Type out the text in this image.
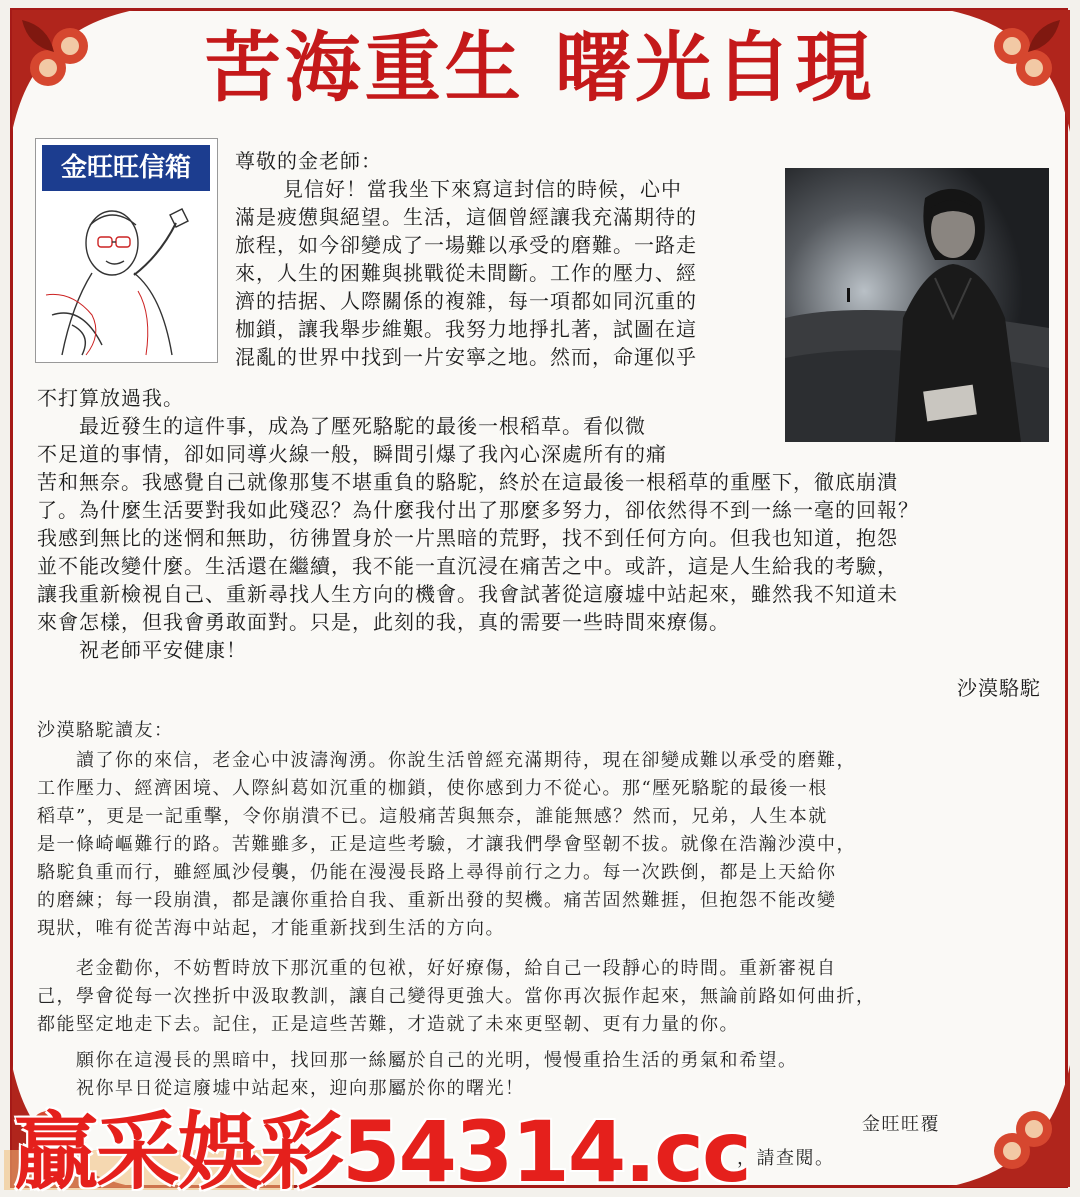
苦海重生 曙光自現
金旺旺信箱	尊敬的金老師：
見信好！當我坐下來寫這封信的時候，心中
滿是疲憊與絕望。生活，這個曾經讓我充滿期待的
旅程，如今卻變成了一場難以承受的磨難。一路走
來，人生的困難與挑戰從未間斷。工作的壓力、經
濟的拮据、人際關係的複雜，每一項都如同沉重的
枷鎖，讓我舉步維艱。我努力地掙扎著，試圖在這
混亂的世界中找到一片安寧之地。然而，命運似乎
不打算放過我。
　　最近發生的這件事，成為了壓死駱駝的最後一根稻草。看似微
不足道的事情，卻如同導火線一般，瞬間引爆了我內心深處所有的痛
苦和無奈。我感覺自己就像那隻不堪重負的駱駝，終於在這最後一根稻草的重壓下，徹底崩潰
了。為什麼生活要對我如此殘忍？為什麼我付出了那麼多努力，卻依然得不到一絲一毫的回報？
我感到無比的迷惘和無助，彷彿置身於一片黑暗的荒野，找不到任何方向。但我也知道，抱怨
並不能改變什麼。生活還在繼續，我不能一直沉浸在痛苦之中。或許，這是人生給我的考驗，
讓我重新檢視自己、重新尋找人生方向的機會。我會試著從這廢墟中站起來，雖然我不知道未
來會怎樣，但我會勇敢面對。只是，此刻的我，真的需要一些時間來療傷。
　　祝老師平安健康！
沙漠駱駝
沙漠駱駝讀友：
　　讀了你的來信，老金心中波濤洶湧。你說生活曾經充滿期待，現在卻變成難以承受的磨難，
工作壓力、經濟困境、人際糾葛如沉重的枷鎖，使你感到力不從心。那“壓死駱駝的最後一根
稻草”，更是一記重擊，令你崩潰不已。這般痛苦與無奈，誰能無感？然而，兄弟，人生本就
是一條崎嶇難行的路。苦難雖多，正是這些考驗，才讓我們學會堅韌不拔。就像在浩瀚沙漠中，
駱駝負重而行，雖經風沙侵襲，仍能在漫漫長路上尋得前行之力。每一次跌倒，都是上天給你
的磨練；每一段崩潰，都是讓你重拾自我、重新出發的契機。痛苦固然難捱，但抱怨不能改變
現狀，唯有從苦海中站起，才能重新找到生活的方向。
　　老金勸你，不妨暫時放下那沉重的包袱，好好療傷，給自己一段靜心的時間。重新審視自
己，學會從每一次挫折中汲取教訓，讓自己變得更強大。當你再次振作起來，無論前路如何曲折，
都能堅定地走下去。記住，正是這些苦難，才造就了未來更堅韌、更有力量的你。
　　願你在這漫長的黑暗中，找回那一絲屬於自己的光明，慢慢重拾生活的勇氣和希望。
　　祝你早日從這廢墟中站起來，迎向那屬於你的曙光！
金旺旺覆
，請查閱。
贏采娛彩54314.cc
